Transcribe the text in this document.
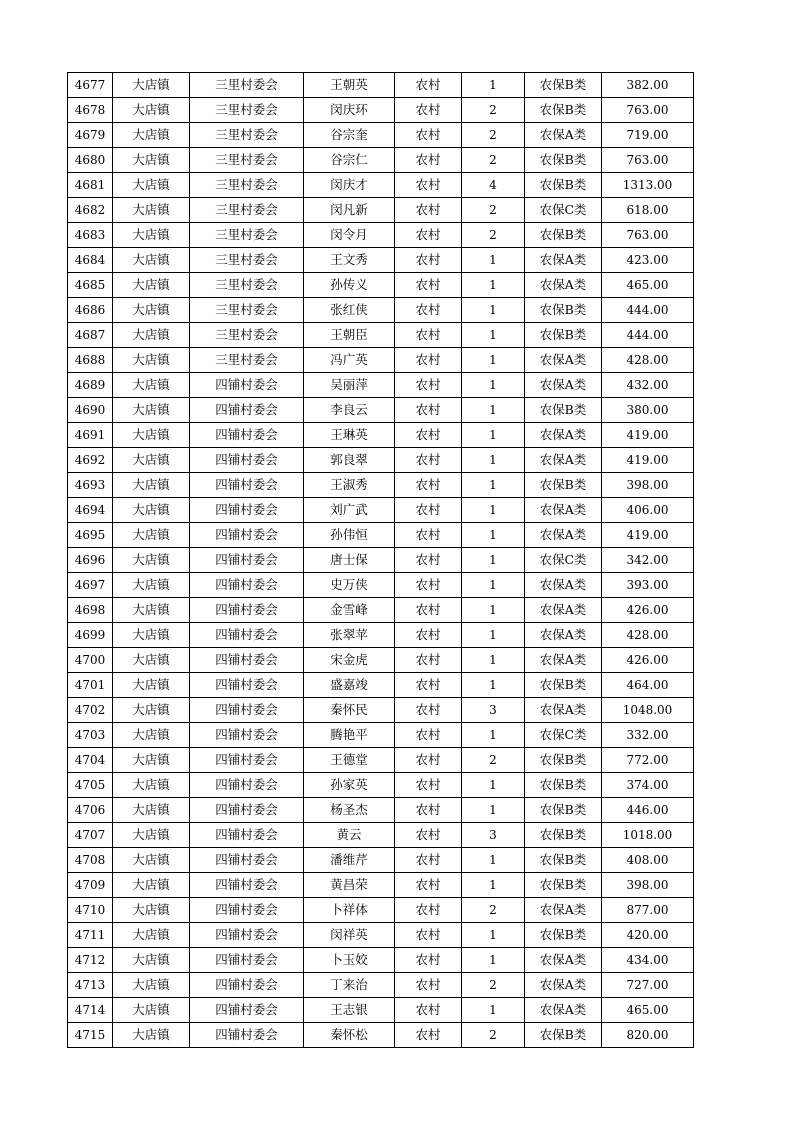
4677	大店镇	三里村委会	王朝英	农村	1	农保B类	382.00
4678	大店镇	三里村委会	闵庆环	农村	2	农保B类	763.00
4679	大店镇	三里村委会	谷宗奎	农村	2	农保A类	719.00
4680	大店镇	三里村委会	谷宗仁	农村	2	农保B类	763.00
4681	大店镇	三里村委会	闵庆才	农村	4	农保B类	1313.00
4682	大店镇	三里村委会	闵凡新	农村	2	农保C类	618.00
4683	大店镇	三里村委会	闵令月	农村	2	农保B类	763.00
4684	大店镇	三里村委会	王文秀	农村	1	农保A类	423.00
4685	大店镇	三里村委会	孙传义	农村	1	农保A类	465.00
4686	大店镇	三里村委会	张红侠	农村	1	农保B类	444.00
4687	大店镇	三里村委会	王朝臣	农村	1	农保B类	444.00
4688	大店镇	三里村委会	冯广英	农村	1	农保A类	428.00
4689	大店镇	四铺村委会	吴丽萍	农村	1	农保A类	432.00
4690	大店镇	四铺村委会	李良云	农村	1	农保B类	380.00
4691	大店镇	四铺村委会	王琳英	农村	1	农保A类	419.00
4692	大店镇	四铺村委会	郭良翠	农村	1	农保A类	419.00
4693	大店镇	四铺村委会	王淑秀	农村	1	农保B类	398.00
4694	大店镇	四铺村委会	刘广武	农村	1	农保A类	406.00
4695	大店镇	四铺村委会	孙伟恒	农村	1	农保A类	419.00
4696	大店镇	四铺村委会	唐士保	农村	1	农保C类	342.00
4697	大店镇	四铺村委会	史万侠	农村	1	农保A类	393.00
4698	大店镇	四铺村委会	金雪峰	农村	1	农保A类	426.00
4699	大店镇	四铺村委会	张翠苹	农村	1	农保A类	428.00
4700	大店镇	四铺村委会	宋金虎	农村	1	农保A类	426.00
4701	大店镇	四铺村委会	盛嘉竣	农村	1	农保B类	464.00
4702	大店镇	四铺村委会	秦怀民	农村	3	农保A类	1048.00
4703	大店镇	四铺村委会	腾艳平	农村	1	农保C类	332.00
4704	大店镇	四铺村委会	王德堂	农村	2	农保B类	772.00
4705	大店镇	四铺村委会	孙家英	农村	1	农保B类	374.00
4706	大店镇	四铺村委会	杨圣杰	农村	1	农保B类	446.00
4707	大店镇	四铺村委会	黄云	农村	3	农保B类	1018.00
4708	大店镇	四铺村委会	潘维芹	农村	1	农保B类	408.00
4709	大店镇	四铺村委会	黄昌荣	农村	1	农保B类	398.00
4710	大店镇	四铺村委会	卜祥体	农村	2	农保A类	877.00
4711	大店镇	四铺村委会	闵祥英	农村	1	农保B类	420.00
4712	大店镇	四铺村委会	卜玉姣	农村	1	农保A类	434.00
4713	大店镇	四铺村委会	丁来治	农村	2	农保A类	727.00
4714	大店镇	四铺村委会	王志银	农村	1	农保A类	465.00
4715	大店镇	四铺村委会	秦怀松	农村	2	农保B类	820.00
